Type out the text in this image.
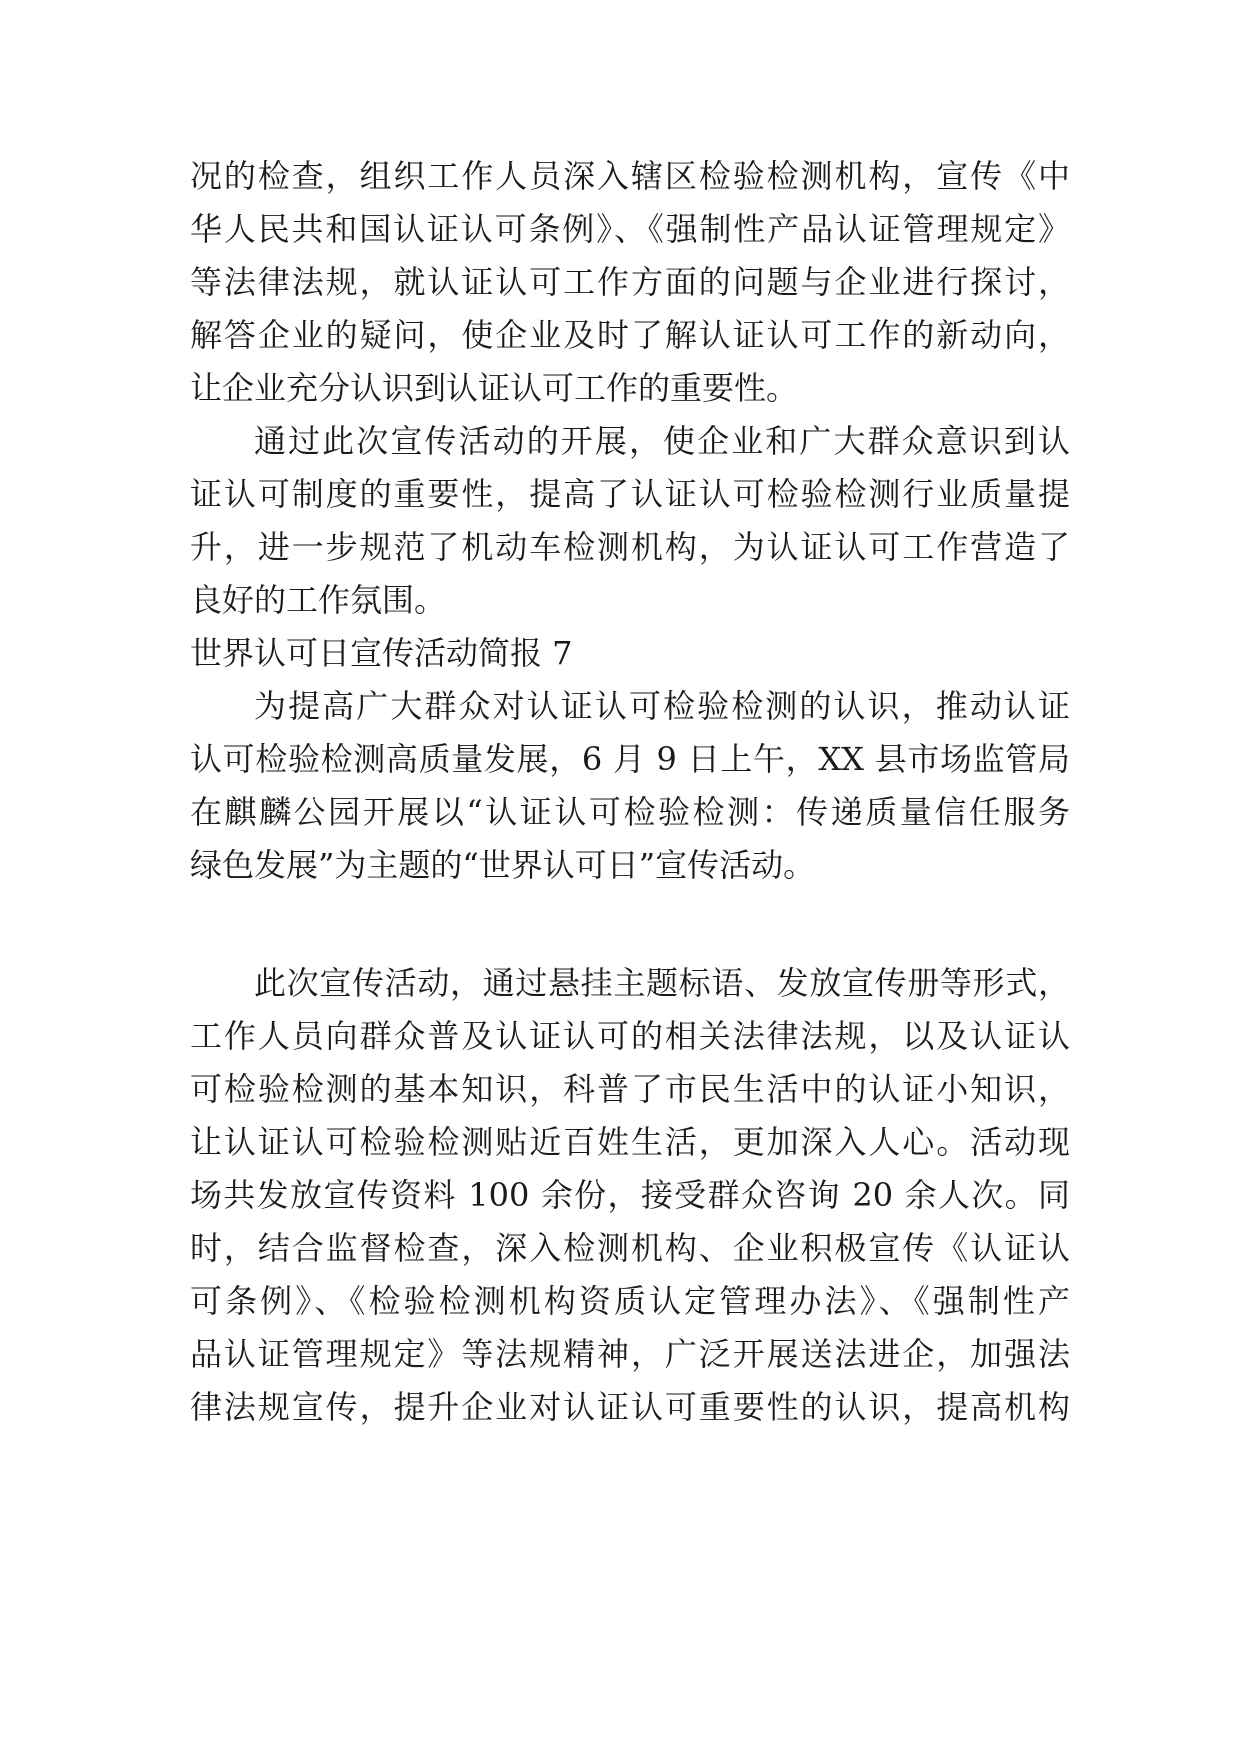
况的检查，组织工作人员深入辖区检验检测机构，宣传《中
华人民共和国认证认可条例》、《强制性产品认证管理规定》
等法律法规，就认证认可工作方面的问题与企业进行探讨，
解答企业的疑问，使企业及时了解认证认可工作的新动向，
让企业充分认识到认证认可工作的重要性。
通过此次宣传活动的开展，使企业和广大群众意识到认
证认可制度的重要性，提高了认证认可检验检测行业质量提
升，进一步规范了机动车检测机构，为认证认可工作营造了
良好的工作氛围。
世界认可日宣传活动简报 7
为提高广大群众对认证认可检验检测的认识，推动认证
认可检验检测高质量发展，6 月 9 日上午，XX 县市场监管局
在麒麟公园开展以“认证认可检验检测：传递质量信任服务
绿色发展”为主题的“世界认可日”宣传活动。
此次宣传活动，通过悬挂主题标语、发放宣传册等形式，
工作人员向群众普及认证认可的相关法律法规，以及认证认
可检验检测的基本知识，科普了市民生活中的认证小知识，
让认证认可检验检测贴近百姓生活，更加深入人心。活动现
场共发放宣传资料 100 余份，接受群众咨询 20 余人次。同
时，结合监督检查，深入检测机构、企业积极宣传《认证认
可条例》、《检验检测机构资质认定管理办法》、《强制性产
品认证管理规定》等法规精神，广泛开展送法进企，加强法
律法规宣传，提升企业对认证认可重要性的认识，提高机构
